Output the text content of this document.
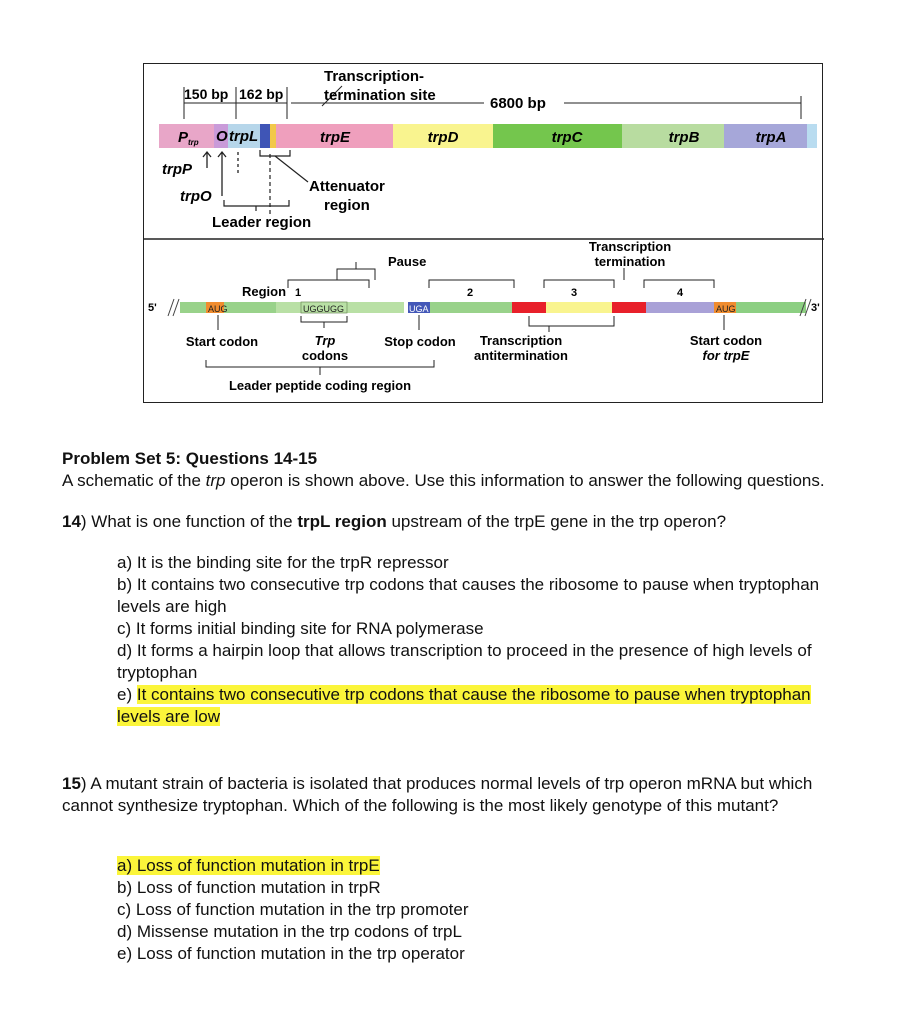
150 bp 162 bp
Transcription-
termination site	6800 bp
$P_{trp}$ O trpL	trpE	trpD	trpC	trpB	trpA
trpP
trpO
Attenuator
region
Leader region
5'	3'
AUG	UGGUGG	UGA	AUG
Region 1	2	3	4
Pause
Transcription
termination
Start codon	Trp
codons
Stop codon Transcription
antitermination
Start codon
for trpE
Leader peptide coding region

Problem Set 5: Questions 14-15

A schematic of the trp operon is shown above. Use this information to answer the following questions.

14) What is one function of the trpL region upstream of the trpE gene in the trp operon?

a) It is the binding site for the trpR repressor
b) It contains two consecutive trp codons that causes the ribosome to pause when tryptophan levels are high
c) It forms initial binding site for RNA polymerase
d) It forms a hairpin loop that allows transcription to proceed in the presence of high levels of tryptophan
e) It contains two consecutive trp codons that cause the ribosome to pause when tryptophan levels are low

15) A mutant strain of bacteria is isolated that produces normal levels of trp operon mRNA but which cannot synthesize tryptophan. Which of the following is the most likely genotype of this mutant?

a) Loss of function mutation in trpE
b) Loss of function mutation in trpR
c) Loss of function mutation in the trp promoter
d) Missense mutation in the trp codons of trpL
e) Loss of function mutation in the trp operator
